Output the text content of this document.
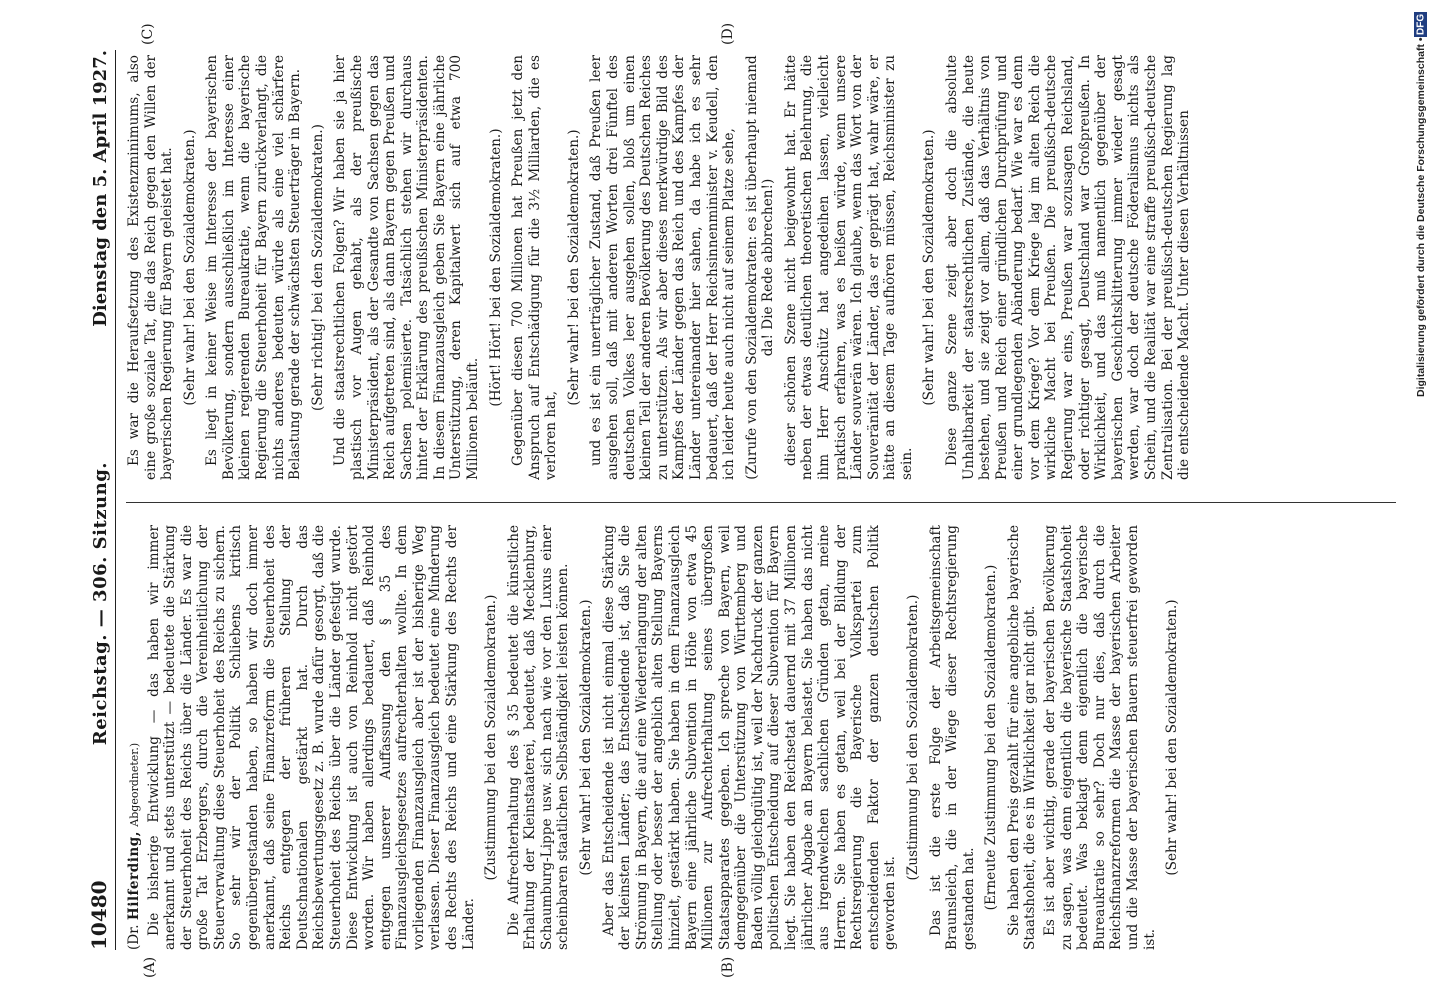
10480
Reichstag. — 306. Sitzung.
Dienstag den 5. April 1927.
(A)	(B)
(C)	(D)

(Dr. Hilferding, Abgeordneter.) Die bisherige Entwicklung — das haben wir immer anerkannt und stets unterstützt — bedeutete die Stärkung der Steuerhoheit des Reichs über die Länder. Es war die große Tat Erzbergers, durch die Vereinheitlichung der Steuerverwaltung diese Steuerhoheit des Reichs zu sichern. So sehr wir der Politik Schliebens kritisch gegenübergestanden haben, so haben wir doch immer anerkannt, daß seine Finanzreform die Steuerhoheit des Reichs entgegen der früheren Stellung der Deutschnationalen gestärkt hat. Durch das Reichsbewertungsgesetz z. B. wurde dafür gesorgt, daß die Steuerhoheit des Reichs über die Länder gefestigt wurde. Diese Entwicklung ist auch von Reinhold nicht gestört worden. Wir haben allerdings bedauert, daß Reinhold entgegen unserer Auffassung den § 35 des Finanzausgleichsgesetzes aufrechterhalten wollte. In dem vorliegenden Finanzausgleich aber ist der bisherige Weg verlassen. Dieser Finanzausgleich bedeutet eine Minderung des Rechts des Reichs und eine Stärkung des Rechts der Länder.

(Zustimmung bei den Sozialdemokraten.) Die Aufrechterhaltung des § 35 bedeutet die künstliche Erhaltung der Kleinstaaterei, bedeutet, daß Mecklenburg, Schaumburg-Lippe usw. sich nach wie vor den Luxus einer scheinbaren staatlichen Selbständigkeit leisten können. (Sehr wahr! bei den Sozialdemokraten.) Aber das Entscheidende ist nicht einmal diese Stärkung der kleinsten Länder; das Entscheidende ist, daß Sie die Strömung in Bayern, die auf eine Wiedererlangung der alten Stellung oder besser der angeblich alten Stellung Bayerns hinzielt, gestärkt haben. Sie haben in dem Finanzausgleich Bayern eine jährliche Subvention in Höhe von etwa 45 Millionen zur Aufrechterhaltung seines übergroßen Staatsapparates gegeben. Ich spreche von Bayern, weil demgegenüber die Unterstützung von Württemberg und Baden völlig gleichgültig ist, weil der Nachdruck der ganzen politischen Entscheidung auf dieser Subvention für Bayern liegt. Sie haben den Reichsetat dauernd mit 37 Millionen jährlicher Abgabe an Bayern belastet. Sie haben das nicht aus irgendwelchen sachlichen Gründen getan, meine Herren. Sie haben es getan, weil bei der Bildung der Rechtsregierung die Bayerische Volkspartei zum entscheidenden Faktor der ganzen deutschen Politik geworden ist.

(Zustimmung bei den Sozialdemokraten.) Das ist die erste Folge der Arbeitsgemeinschaft Braunsleich, die in der Wiege dieser Rechtsregierung gestanden hat. (Erneute Zustimmung bei den Sozialdemokraten.) Sie haben den Preis gezahlt für eine angebliche bayerische Staatshoheit, die es in Wirklichkeit gar nicht gibt. Es ist aber wichtig, gerade der bayerischen Bevölkerung zu sagen, was denn eigentlich die bayerische Staatshoheit bedeutet. Was beklagt denn eigentlich die bayerische Bureaukratie so sehr? Doch nur dies, daß durch die Reichsfinanzreformen die Masse der bayerischen Arbeiter und die Masse der bayerischen Bauern steuerfrei geworden ist.

(Sehr wahr! bei den Sozialdemokraten.)

Es war die Heraufsetzung des Existenzminimums, also eine große soziale Tat, die das Reich gegen den Willen der bayerischen Regierung für Bayern geleistet hat. (Sehr wahr! bei den Sozialdemokraten.) Es liegt in keiner Weise im Interesse der bayerischen Bevölkerung, sondern ausschließlich im Interesse einer kleinen regierenden Bureaukratie, wenn die bayerische Regierung die Steuerhoheit für Bayern zurückverlangt, die nichts anderes bedeuten würde als eine viel schärfere Belastung gerade der schwächsten Steuerträger in Bayern. (Sehr richtig! bei den Sozialdemokraten.) Und die staatsrechtlichen Folgen? Wir haben sie ja hier plastisch vor Augen gehabt, als der preußische Ministerpräsident, als der Gesandte von Sachsen gegen das Reich aufgetreten sind, als dann Bayern gegen Preußen und Sachsen polemisierte. Tatsächlich stehen wir durchaus hinter der Erklärung des preußischen Ministerpräsidenten. In diesem Finanzausgleich geben Sie Bayern eine jährliche Unterstützung, deren Kapitalwert sich auf etwa 700 Millionen beläuft.

(Hört! Hört! bei den Sozialdemokraten.) Gegenüber diesen 700 Millionen hat Preußen jetzt den Anspruch auf Entschädigung für die 3½ Milliarden, die es verloren hat,

(Sehr wahr! bei den Sozialdemokraten.) und es ist ein unerträglicher Zustand, daß Preußen leer ausgehen soll, daß mit anderen Worten drei Fünftel des deutschen Volkes leer ausgehen sollen, bloß um einen kleinen Teil der anderen Bevölkerung des Deutschen Reiches zu unterstützen. Als wir aber dieses merkwürdige Bild des Kampfes der Länder gegen das Reich und des Kampfes der Länder untereinander hier sahen, da habe ich es sehr bedauert, daß der Herr Reichsinnenminister v. Keudell, den ich leider heute auch nicht auf seinem Platze sehe, (Zurufe von den Sozialdemokraten: es ist überhaupt niemand da! Die Rede abbrechen!) dieser schönen Szene nicht beigewohnt hat. Er hätte neben der etwas deutlichen theoretischen Belehrung, die ihm Herr Anschütz hat angedeihen lassen, vielleicht praktisch erfahren, was es heißen würde, wenn unsere Länder souverän wären. Ich glaube, wenn das Wort von der Souveränität der Länder, das er geprägt hat, wahr wäre, er hätte an diesem Tage aufhören müssen, Reichsminister zu sein.

(Sehr wahr! bei den Sozialdemokraten.) Diese ganze Szene zeigt aber doch die absolute Unhaltbarkeit der staatsrechtlichen Zustände, die heute bestehen, und sie zeigt vor allem, daß das Verhältnis von Preußen und Reich einer gründlichen Durchprüfung und einer grundlegenden Abänderung bedarf. Wie war es denn vor dem Kriege? Vor dem Kriege lag im alten Reich die wirkliche Macht bei Preußen. Die preußisch-deutsche Regierung war eins, Preußen war sozusagen Reichsland, oder richtiger gesagt, Deutschland war Großpreußen. In Wirklichkeit, und das muß namentlich gegenüber der bayerischen Geschichtsklitterung immer wieder gesagt werden, war doch der deutsche Föderalismus nichts als Schein, und die Realität war eine straffe preußisch-deutsche Zentralisation. Bei der preußisch-deutschen Regierung lag die entscheidende Macht. Unter diesen Verhältnissen	Digitalisierung gefördert durch die Deutsche Forschungsgemeinschaft •
DFG
